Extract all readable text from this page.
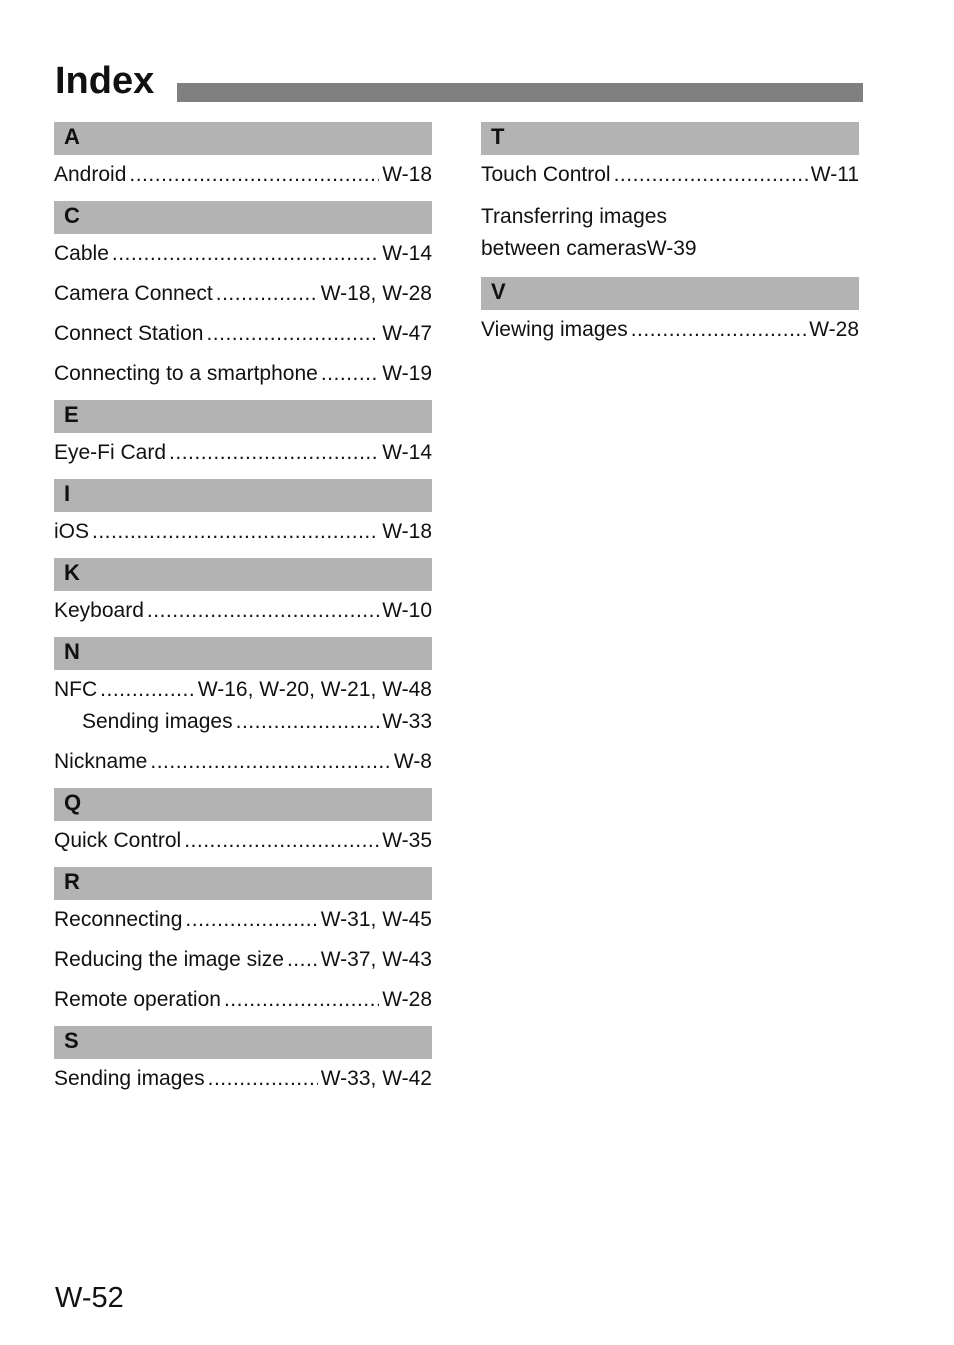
Index
A
Android .....	W-18
C
Cable .....	W-14
Camera Connect .....	W-18, W-28
Connect Station .....	W-47
Connecting to a smartphone .....	W-19
E
Eye-Fi Card .....	W-14
I
iOS .....	W-18
K
Keyboard .....	W-10
N
NFC .....	W-16, W-20, W-21, W-48
Sending images .....	W-33
Nickname .....	W-8
Q
Quick Control .....	W-35
R
Reconnecting .....	W-31, W-45
Reducing the image size ..... W-37, W-43
Remote operation .....	W-28
S
Sending images .....	W-33, W-42
T
Touch Control .....	W-11
Transferring images
between cameras W-39
V
Viewing images .....	W-28
W-52
